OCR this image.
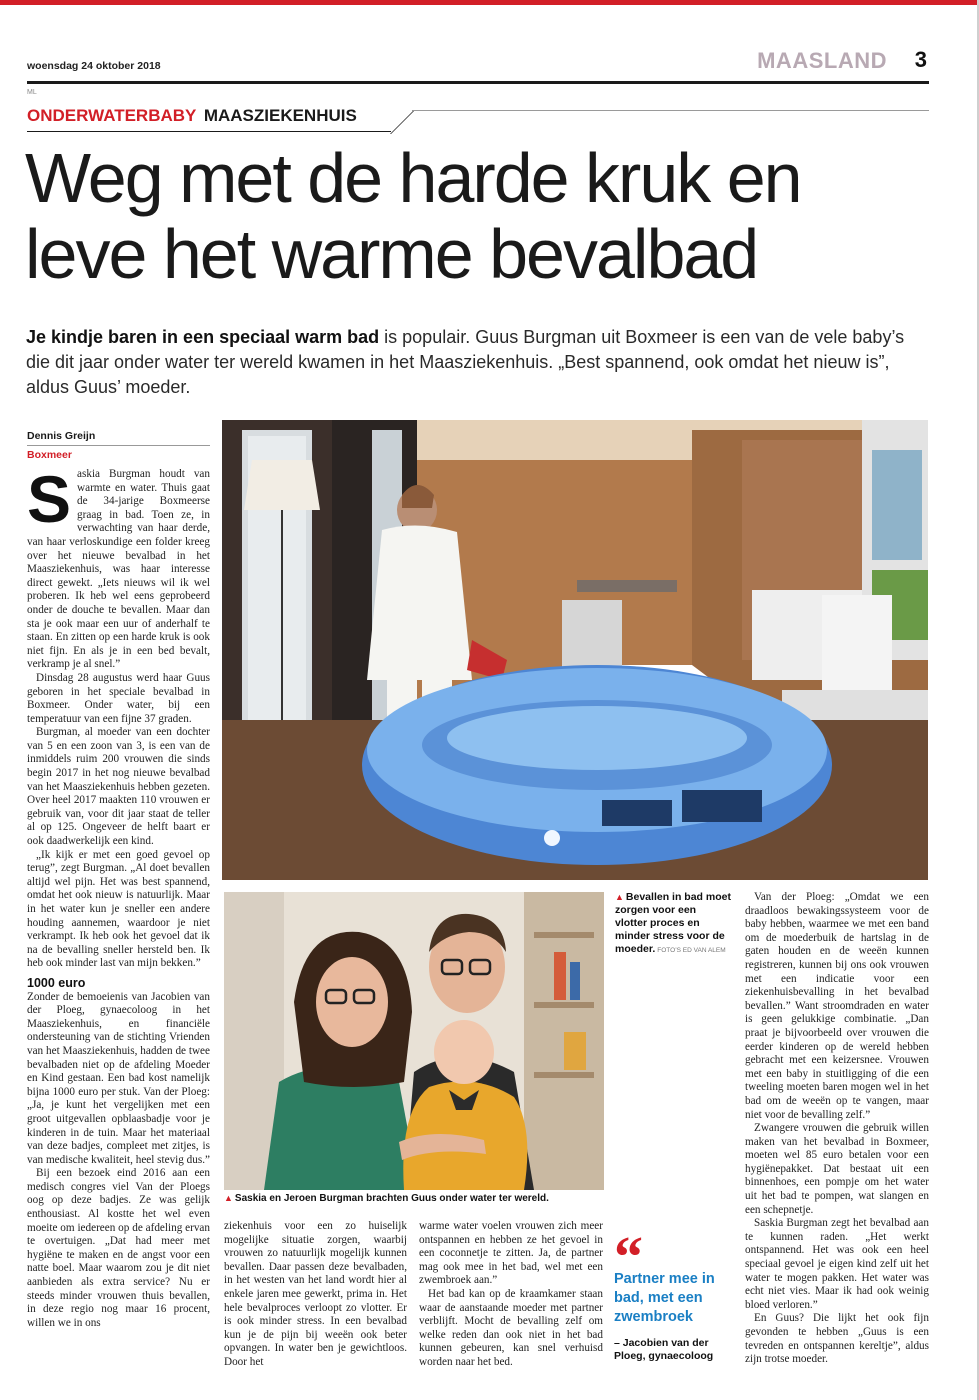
woensdag 24 oktober 2018	MAASLAND 3
ML
ONDERWATERBABY MAASZIEKENHUIS
Weg met de harde kruk en
leve het warme bevalbad
Je kindje baren in een speciaal warm bad is populair. Guus Burgman uit Boxmeer is een van de vele baby’s die dit jaar onder water ter wereld kwamen in het Maasziekenhuis. „Best spannend, ook omdat het nieuw is”, aldus Guus’ moeder.
Dennis Greijn
Boxmeer
S askia Burgman houdt van warmte en water. Thuis gaat de 34-jarige Boxmeerse graag in bad. Toen ze, in verwachting van haar derde, van haar verloskundige een folder kreeg over het nieuwe bevalbad in het Maasziekenhuis, was haar interesse direct gewekt. „Iets nieuws wil ik wel proberen. Ik heb wel eens geprobeerd onder de douche te bevallen. Maar dan sta je ook maar een uur of anderhalf te staan. En zitten op een harde kruk is ook niet fijn. En als je in een bed bevalt, verkramp je al snel.”

Dinsdag 28 augustus werd haar Guus geboren in het speciale bevalbad in Boxmeer. Onder water, bij een temperatuur van een fijne 37 graden.

Burgman, al moeder van een dochter van 5 en een zoon van 3, is een van de inmiddels ruim 200 vrouwen die sinds begin 2017 in het nog nieuwe bevalbad van het Maasziekenhuis hebben gezeten. Over heel 2017 maakten 110 vrouwen er gebruik van, voor dit jaar staat de teller al op 125. Ongeveer de helft baart er ook daadwerkelijk een kind.

„Ik kijk er met een goed gevoel op terug”, zegt Burgman. „Al doet bevallen altijd wel pijn. Het was best spannend, omdat het ook nieuw is natuurlijk. Maar in het water kun je sneller een andere houding aannemen, waardoor je niet verkrampt. Ik heb ook het gevoel dat ik na de bevalling sneller hersteld ben. Ik heb ook minder last van mijn bekken.”

1000 euro

Zonder de bemoeienis van Jacobien van der Ploeg, gynaecoloog in het Maasziekenhuis, en financiële ondersteuning van de stichting Vrienden van het Maasziekenhuis, hadden de twee bevalbaden niet op de afdeling Moeder en Kind gestaan. Een bad kost namelijk bijna 1000 euro per stuk. Van der Ploeg: „Ja, je kunt het vergelijken met een groot uitgevallen opblaasbadje voor je kinderen in de tuin. Maar het materiaal van deze badjes, compleet met zitjes, is van medische kwaliteit, heel stevig dus.”

Bij een bezoek eind 2016 aan een medisch congres viel Van der Ploegs oog op deze badjes. Ze was gelijk enthousiast. Al kostte het wel even moeite om iedereen op de afdeling ervan te overtuigen. „Dat had meer met hygiëne te maken en de angst voor een natte boel. Maar waarom zou je dit niet aanbieden als extra service? Nu er steeds minder vrouwen thuis bevallen, in deze regio nog maar 16 procent, willen we in ons

▲ Saskia en Jeroen Burgman brachten Guus onder water ter wereld.
▲ Bevallen in bad moet zorgen voor een vlotter proces en minder stress voor de moeder. FOTO’S ED VAN ALEM

ziekenhuis voor een zo huiselijk mogelijke situatie zorgen, waarbij vrouwen zo natuurlijk mogelijk kunnen bevallen. Daar passen deze bevalbaden, in het westen van het land wordt hier al enkele jaren mee gewerkt, prima in. Het hele bevalproces verloopt zo vlotter. Er is ook minder stress. In een bevalbad kun je de pijn bij weeën ook beter opvangen. In water ben je gewichtloos. Door het

warme water voelen vrouwen zich meer ontspannen en hebben ze het gevoel in een coconnetje te zitten. Ja, de partner mag ook mee in het bad, wel met een zwembroek aan.”

Het bad kan op de kraamkamer staan waar de aanstaande moeder met partner verblijft. Mocht de bevalling zelf om welke reden dan ook niet in het bad kunnen gebeuren, kan snel verhuisd worden naar het bed.

“
Partner mee in bad, met een zwembroek
– Jacobien van der Ploeg, gynaecoloog

Van der Ploeg: „Omdat we een draadloos bewakingssysteem voor de baby hebben, waarmee we met een band om de moederbuik de hartslag in de gaten houden en de weeën kunnen registreren, kunnen bij ons ook vrouwen met een indicatie voor een ziekenhuisbevalling in het bevalbad bevallen.” Want stroomdraden en water is geen gelukkige combinatie. „Dan praat je bijvoorbeeld over vrouwen die eerder kinderen op de wereld hebben gebracht met een keizersnee. Vrouwen met een baby in stuitligging of die een tweeling moeten baren mogen wel in het bad om de weeën op te vangen, maar niet voor de bevalling zelf.”

Zwangere vrouwen die gebruik willen maken van het bevalbad in Boxmeer, moeten wel 85 euro betalen voor een hygiënepakket. Dat bestaat uit een binnenhoes, een pompje om het water uit het bad te pompen, wat slangen en een schepnetje.

Saskia Burgman zegt het bevalbad aan te kunnen raden. „Het werkt ontspannend. Het was ook een heel speciaal gevoel je eigen kind zelf uit het water te mogen pakken. Het water was echt niet vies. Maar ik had ook weinig bloed verloren.”

En Guus? Die lijkt het ook fijn gevonden te hebben „Guus is een tevreden en ontspannen kereltje”, aldus zijn trotse moeder.
